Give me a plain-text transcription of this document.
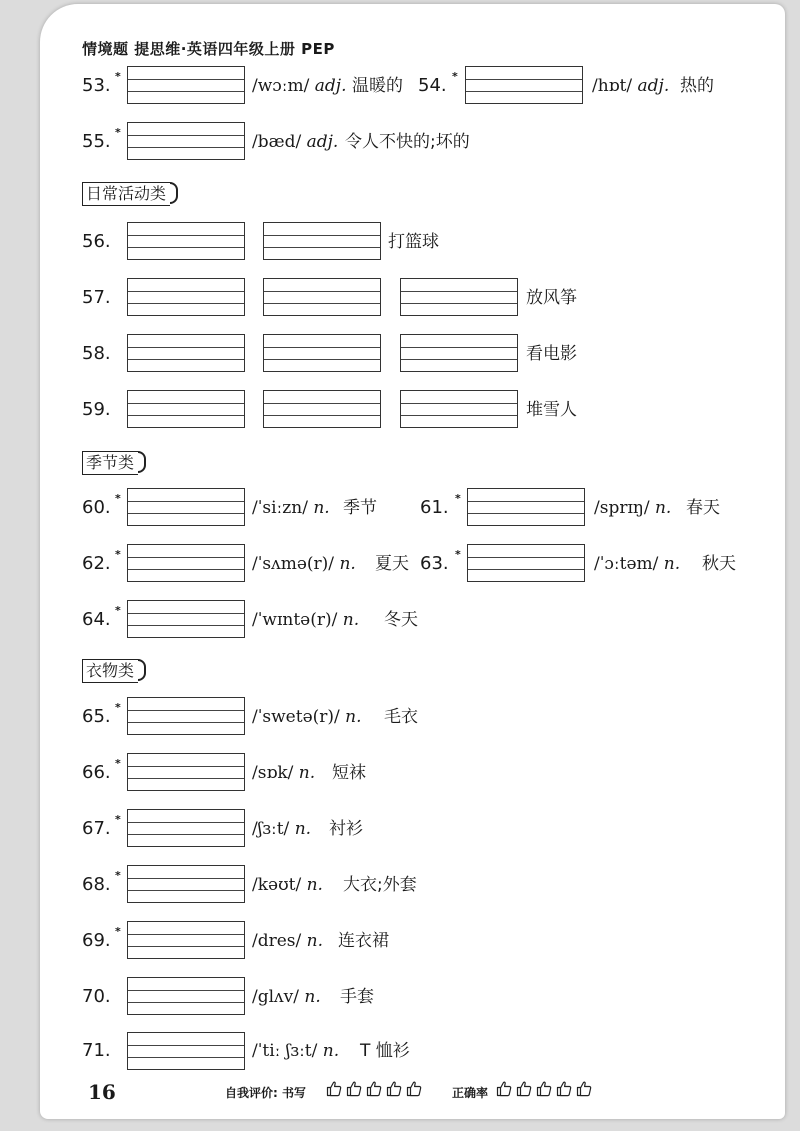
情境题 提思维·英语四年级上册 PEP
53. *	/wɔːm/ adj. 温暖的 54. *	/hɒt/ adj. 热的
55. *	/bæd/ adj. 令人不快的;坏的
日常活动类
56.	打篮球
57.	放风筝
58.	看电影
59.	堆雪人
季节类
60. *	/ˈsiːzn/ n. 季节 61. *	/sprɪŋ/ n. 春天
62. *	/ˈsʌmə(r)/ n. 夏天 63. *	/ˈɔːtəm/ n. 秋天
64. *	/ˈwɪntə(r)/ n. 冬天
衣物类
65. *	/ˈswetə(r)/ n. 毛衣
66. *	/sɒk/ n. 短袜
67. *	/ʃɜːt/ n. 衬衫
68. *	/kəʊt/ n. 大衣;外套
69. *	/dres/ n. 连衣裙
70.	/glʌv/ n. 手套
71.	/ˈtiː ʃɜːt/ n. T 恤衫
16	自我评价: 书写	正确率
